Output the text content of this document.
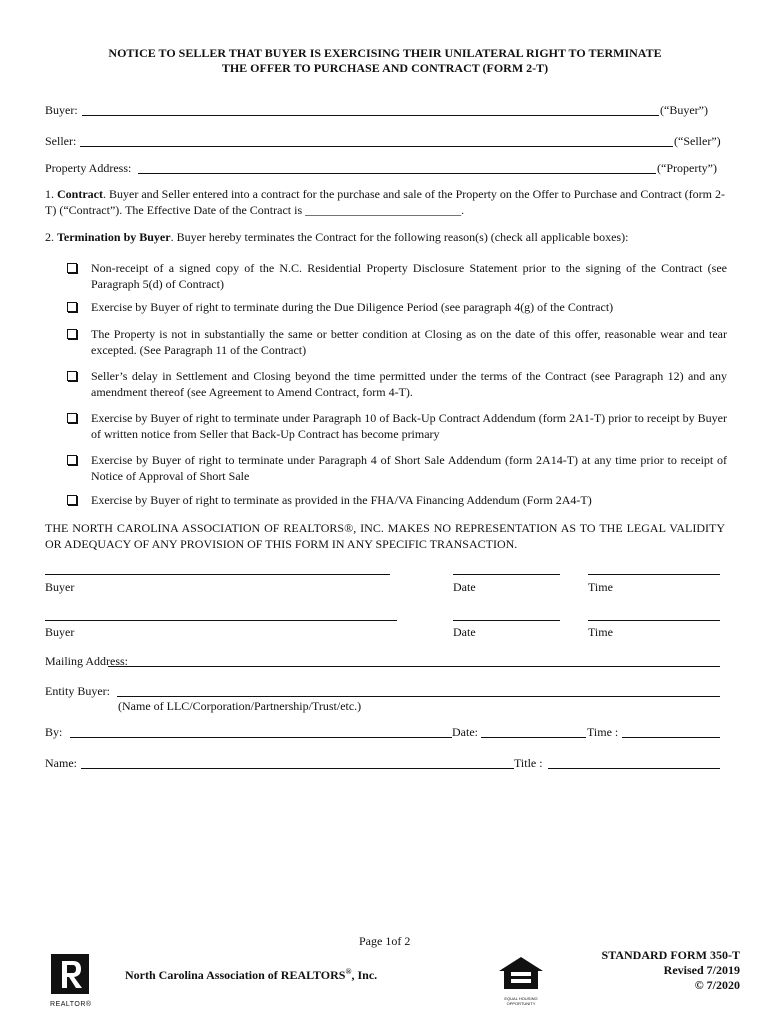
NOTICE TO SELLER THAT BUYER IS EXERCISING THEIR UNILATERAL RIGHT TO TERMINATE
THE OFFER TO PURCHASE AND CONTRACT (FORM 2-T)
Buyer:	(“Buyer”)
Seller:	(“Seller”)
Property Address:	(“Property”)
1. Contract. Buyer and Seller entered into a contract for the purchase and sale of the Property on the Offer to Purchase and Contract (form 2-T) (“Contract”). The Effective Date of the Contract is __________________________.
2. Termination by Buyer. Buyer hereby terminates the Contract for the following reason(s) (check all applicable boxes):
Non-receipt of a signed copy of the N.C. Residential Property Disclosure Statement prior to the signing of the Contract (see Paragraph 5(d) of Contract)
Exercise by Buyer of right to terminate during the Due Diligence Period (see paragraph 4(g) of the Contract)
The Property is not in substantially the same or better condition at Closing as on the date of this offer, reasonable wear and tear excepted. (See Paragraph 11 of the Contract)
Seller’s delay in Settlement and Closing beyond the time permitted under the terms of the Contract (see Paragraph 12) and any amendment thereof (see Agreement to Amend Contract, form 4-T).
Exercise by Buyer of right to terminate under Paragraph 10 of Back-Up Contract Addendum (form 2A1-T) prior to receipt by Buyer of written notice from Seller that Back-Up Contract has become primary
Exercise by Buyer of right to terminate under Paragraph 4 of Short Sale Addendum (form 2A14-T) at any time prior to receipt of Notice of Approval of Short Sale
Exercise by Buyer of right to terminate as provided in the FHA/VA Financing Addendum (Form 2A4-T)
THE NORTH CAROLINA ASSOCIATION OF REALTORS®, INC. MAKES NO REPRESENTATION AS TO THE LEGAL VALIDITY OR ADEQUACY OF ANY PROVISION OF THIS FORM IN ANY SPECIFIC TRANSACTION.
Buyer	Date	Time
Buyer	Date	Time
Mailing Address:
Entity Buyer:
(Name of LLC/Corporation/Partnership/Trust/etc.)
By:	Date:	Time :
Name:	Title :
Page 1of 2
REALTOR®
North Carolina Association of REALTORS®, Inc.
EQUAL HOUSING OPPORTUNITY
STANDARD FORM 350-T
Revised 7/2019
© 7/2020
